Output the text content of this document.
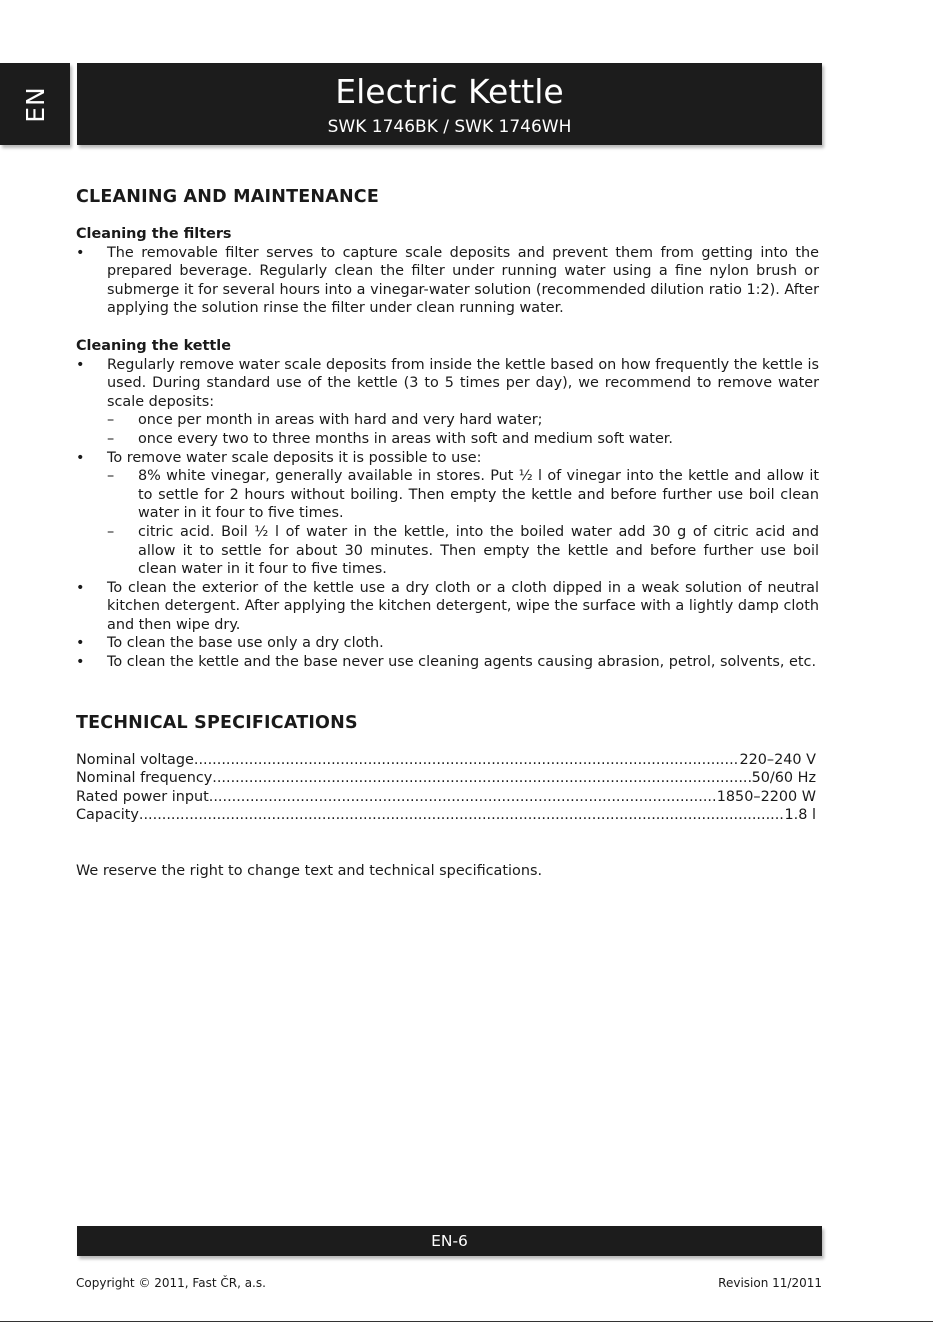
EN	Electric Kettle
SWK 1746BK / SWK 1746WH
CLEANING AND MAINTENANCE
Cleaning the filters
• The removable filter serves to capture scale deposits and prevent them from getting into the prepared beverage. Regularly clean the filter under running water using a fine nylon brush or submerge it for several hours into a vinegar-water solution (recommended dilution ratio 1:2). After applying the solution rinse the filter under clean running water.
Cleaning the kettle
• Regularly remove water scale deposits from inside the kettle based on how frequently the kettle is used. During standard use of the kettle (3 to 5 times per day), we recommend to remove water scale deposits:
– once per month in areas with hard and very hard water;
– once every two to three months in areas with soft and medium soft water.
• To remove water scale deposits it is possible to use:
– 8% white vinegar, generally available in stores. Put ½ l of vinegar into the kettle and allow it to settle for 2 hours without boiling. Then empty the kettle and before further use boil clean water in it four to five times.
– citric acid. Boil ½ l of water in the kettle, into the boiled water add 30 g of citric acid and allow it to settle for about 30 minutes. Then empty the kettle and before further use boil clean water in it four to five times.
• To clean the exterior of the kettle use a dry cloth or a cloth dipped in a weak solution of neutral kitchen detergent. After applying the kitchen detergent, wipe the surface with a lightly damp cloth and then wipe dry.
• To clean the base use only a dry cloth.
• To clean the kettle and the base never use cleaning agents causing abrasion, petrol, solvents, etc.
TECHNICAL SPECIFICATIONS
Nominal voltage .....	220–240 V
Nominal frequency .....	50/60 Hz
Rated power input .....	1850–2200 W
Capacity .....	1.8 l

We reserve the right to change text and technical specifications.

EN-6
Copyright © 2011, Fast ČR, a.s.	Revision 11/2011
